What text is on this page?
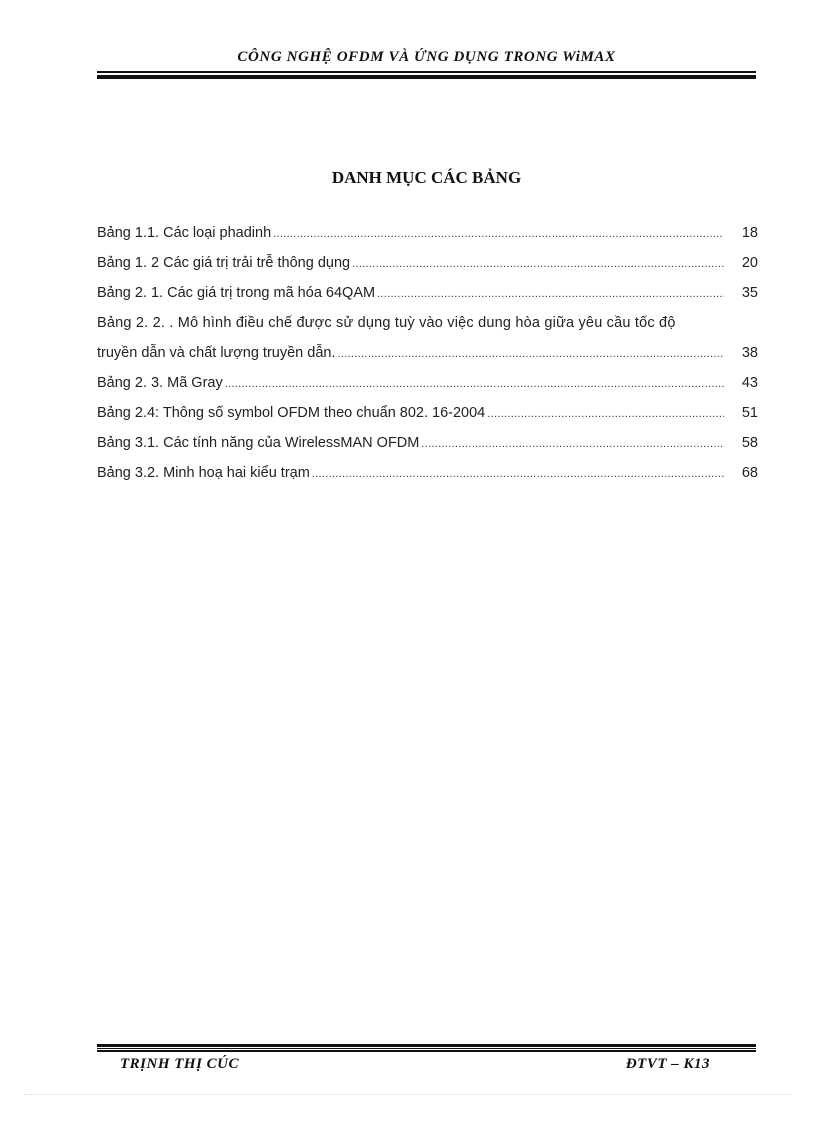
CÔNG NGHỆ OFDM VÀ ỨNG DỤNG TRONG WiMAX
DANH MỤC CÁC BẢNG
Bảng 1.1. Các loại phadinh .....	18
Bảng 1. 2 Các giá trị trải trễ thông dụng .....	20
Bảng 2. 1. Các giá trị trong mã hóa 64QAM .....	35
Bảng 2. 2. . Mô hình điều chế được sử dụng tuỳ vào việc dung hòa giữa yêu cầu tốc độ
truyền dẫn và chất lượng truyền dẫn. .....	38
Bảng 2. 3. Mã Gray .....	43
Bảng 2.4: Thông số symbol OFDM theo chuẩn 802. 16-2004 .....	51
Bảng 3.1. Các tính năng của WirelessMAN OFDM .....	58
Bảng 3.2. Minh hoạ hai kiểu trạm .....	68
TRỊNH THỊ CÚC	ĐTVT – K13
